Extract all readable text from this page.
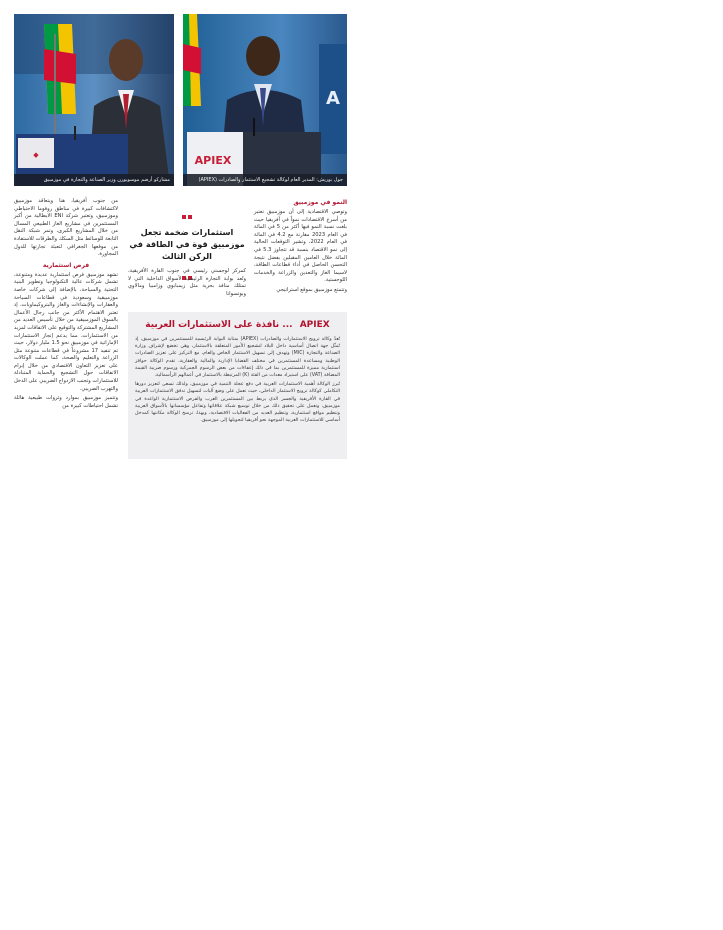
◆
مشاركو أرضم موسوبورن وزير الصناعة والتجارة في موزمبيق
A
APIEX
جول بوريش: المدير العام لوكالة تشجيع الاستثمار والصادرات (APIEX)
استثمارات ضخمة تجعل موزمبيق قوة في الطاقة في الركن الثالث
النمو في موزمبيق

وتوصي الاقتصادية إلى أن موزمبيق تعتبر من أسرع الاقتصادات نمواً في أفريقيا حيث بلغت نسبة النمو فيها أكثر من 5 في المائة في العام 2023 مقارنة مع 4.2 في المائة في العام 2022، وتشير التوقعات الحالية إلى نمو الاقتصاد بنسبة قد تتجاوز 5.3 في المائة خلال العامين المقبلين بفضل نتيجة التحسن الحاصل في أداء قطاعات الطاقة، لاسيما الغاز والتعدين والزراعة والخدمات اللوجستية.

وتتمتع موزمبيق بموقع استراتيجي

كمركز لوجستي رئيسي في جنوب القارة الأفريقية، وتُعد بوابة التجارة الرئيسية لأسواق الداخلية التي لا تمتلك منافذ بحرية مثل زيمبابوي وزامبيا ومالاوي وبوتسوانا

من جنوب أفريقيا، هنا ويتعاقد موزمبيق لاكتشافات كبيرة في مناطق روفوما الاحتياطي وموزمبيق، وتعتبر شركة ENI الايطالية من أكبر المستثمرين في مشاريع الغاز الطبيعي المسال من خلال المشاريع الكبرى، وتمر شبكة النقل التابعة للوسائط مثل السكك والطرقات للاستفادة من موقعها الجغرافي لتعبئة تجارتها للدول المجاورة.

فرص استثمارية

تشهد موزمبيق فرص استثمارية عديدة ومتنوعة، تشمل شركات عالية التكنولوجيا وتطوير البنية التحتية والسياحة، بالإضافة إلى شركات خاصة موزمبيقية وسعودية في قطاعات السياحة والعقارات والإنشاءات والغاز والبتروكيماويات، إذ تعتبر الاهتمام الأكثر من جانب رجال الأعمال بالسوق الموزمبيقية من خلال تأسيس العديد من المشاريع المشتركة والتوقيع على الاتفاقات لمزيد من الاستثمارات، مما يدعم إنجاز الاستثمارات الإماراتية في موزمبيق نحو 1.5 مليار دولار، حيث تم تنفيذ 17 مشروعاً في قطاعات متنوعة مثل الزراعة والتعليم والصحة، كما عملت الوكالات على تعزيز التعاون الاقتصادي من خلال إبرام الاتفاقات حول التشجيع والحماية المتبادلة للاستثمارات وتجنب الازدواج الضريبي على الدخل والتهرب الضريبي.

وتتميز موزمبيق بموارد وثروات طبيعية هائلة تشمل احتياطات كبيرة من

APIEX ... نافذة على الاستثمارات العربية

تُعدّ وكالة ترويج الاستثمارات والصادرات (APIEX) بمثابة البوابة الرئيسية للمستثمرين في موزمبيق، إذ تُمثّل جهة اتصال أساسية داخل البلاد لتشجيع الأمور المتعلقة بالاستثمار، وهي تخضع لإشراف وزارة الصناعة والتجارة (MIC) وتهدف إلى تسهيل الاستثمار الخاص والعام، مع التركيز على تعزيز الصادرات الوطنية ومساعدة المستثمرين في مختلف القضايا الإدارية والمالية والعقارية، تقدم الوكالة حوافز استثمارية مميزة للمستثمرين بما في ذلك إعفاءات من بعض الرسوم الجمركية ورسوم ضريبة القيمة المضافة (VAT) على استيراد معدات من الفئة (K) المرتبطة بالاستثمار في أعمالهم الرأسمالية.

تُبرز الوكالة أهمية الاستثمارات العربية في دفع عجلة التنمية في موزمبيق، ولذلك تسعى لتعزيز دورها التكاملي كوكالة ترويج الاستثمار الداخلي، حيث تعمل على وضع آليات لتسهيل تدفق الاستثمارات العربية في القارة الأفريقية والجسر الذي يربط بين المستثمرين العرب والفرص الاستثمارية الواعدة في موزمبيق، وتعمل على تحقيق ذلك من خلال توسيع شبكة علاقاتها وتفاعل مؤسساتها بالأسواق العربية وتنظيم مواقع استثمارية، وتنظيم العديد من الفعاليات الاقتصادية، وبهذا، ترسخ الوكالة مكانتها كمدخل أساسي للاستثمارات العربية الموجهة نحو أفريقيا لتحويلها إلى موزمبيق.
